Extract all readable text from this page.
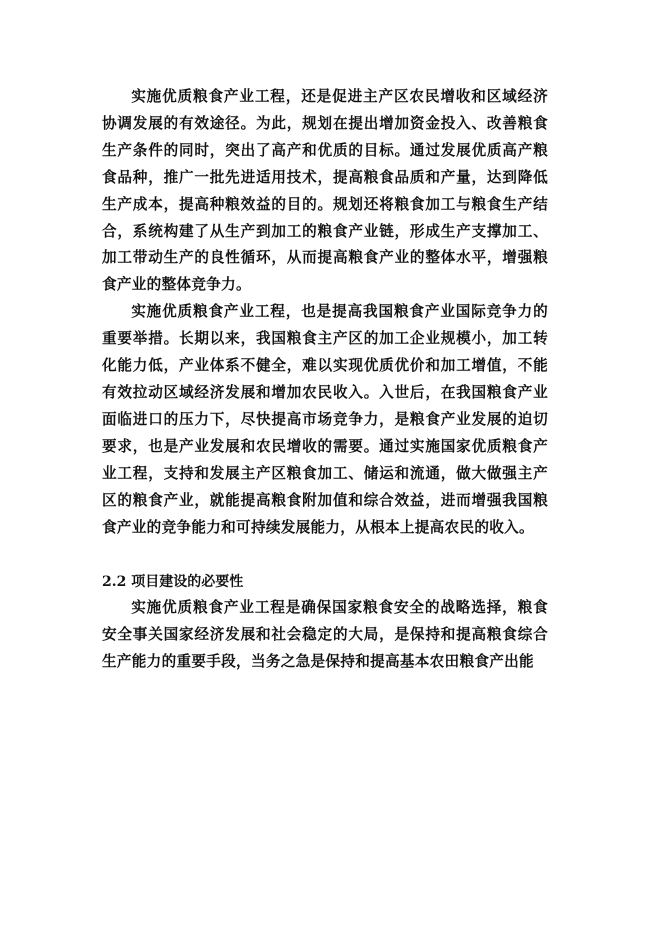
实施优质粮食产业工程，还是促进主产区农民增收和区域经济协调发展的有效途径。为此，规划在提出增加资金投入、改善粮食生产条件的同时，突出了高产和优质的目标。通过发展优质高产粮食品种，推广一批先进适用技术，提高粮食品质和产量，达到降低生产成本，提高种粮效益的目的。规划还将粮食加工与粮食生产结合，系统构建了从生产到加工的粮食产业链，形成生产支撑加工、加工带动生产的良性循环，从而提高粮食产业的整体水平，增强粮食产业的整体竞争力。

实施优质粮食产业工程，也是提高我国粮食产业国际竞争力的重要举措。长期以来，我国粮食主产区的加工企业规模小，加工转化能力低，产业体系不健全，难以实现优质优价和加工增值，不能有效拉动区域经济发展和增加农民收入。入世后，在我国粮食产业面临进口的压力下，尽快提高市场竞争力，是粮食产业发展的迫切要求，也是产业发展和农民增收的需要。通过实施国家优质粮食产业工程，支持和发展主产区粮食加工、储运和流通，做大做强主产区的粮食产业，就能提高粮食附加值和综合效益，进而增强我国粮食产业的竞争能力和可持续发展能力，从根本上提高农民的收入。

2.2 项目建设的必要性

实施优质粮食产业工程是确保国家粮食安全的战略选择，粮食安全事关国家经济发展和社会稳定的大局，是保持和提高粮食综合生产能力的重要手段，当务之急是保持和提高基本农田粮食产出能
